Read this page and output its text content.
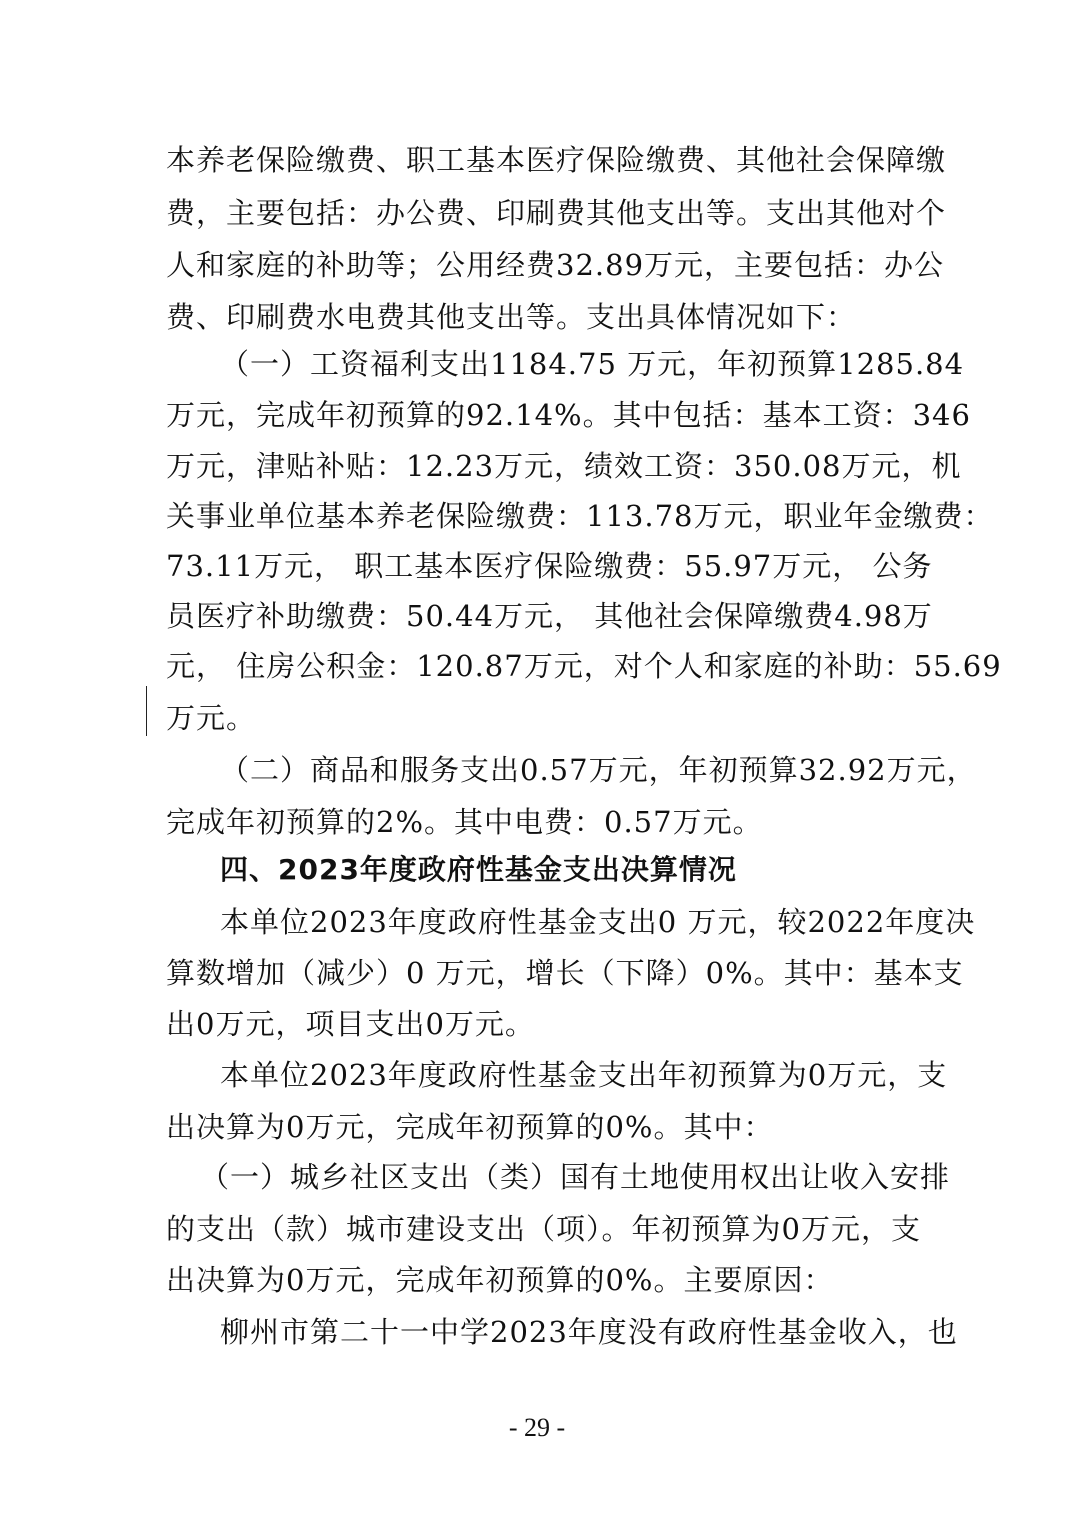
本养老保险缴费、职工基本医疗保险缴费、其他社会保障缴
费，主要包括：办公费、印刷费其他支出等。支出其他对个
人和家庭的补助等；公用经费32.89万元，主要包括：办公
费、印刷费水电费其他支出等。支出具体情况如下：
（一）工资福利支出1184.75 万元，年初预算1285.84
万元，完成年初预算的92.14%。其中包括：基本工资：346
万元，津贴补贴：12.23万元，绩效工资：350.08万元，机
关事业单位基本养老保险缴费：113.78万元，职业年金缴费：
73.11万元， 职工基本医疗保险缴费：55.97万元， 公务
员医疗补助缴费：50.44万元， 其他社会保障缴费4.98万
元， 住房公积金：120.87万元，对个人和家庭的补助：55.69
万元。
（二）商品和服务支出0.57万元，年初预算32.92万元，
完成年初预算的2%。其中电费：0.57万元。
四、2023年度政府性基金支出决算情况
本单位2023年度政府性基金支出0 万元，较2022年度决
算数增加（减少）0 万元，增长（下降）0%。其中：基本支
出0万元，项目支出0万元。
本单位2023年度政府性基金支出年初预算为0万元，支
出决算为0万元，完成年初预算的0%。其中：
（一）城乡社区支出（类）国有土地使用权出让收入安排
的支出（款）城市建设支出（项）。年初预算为0万元，支
出决算为0万元，完成年初预算的0%。主要原因：
柳州市第二十一中学2023年度没有政府性基金收入，也
- 29 -
